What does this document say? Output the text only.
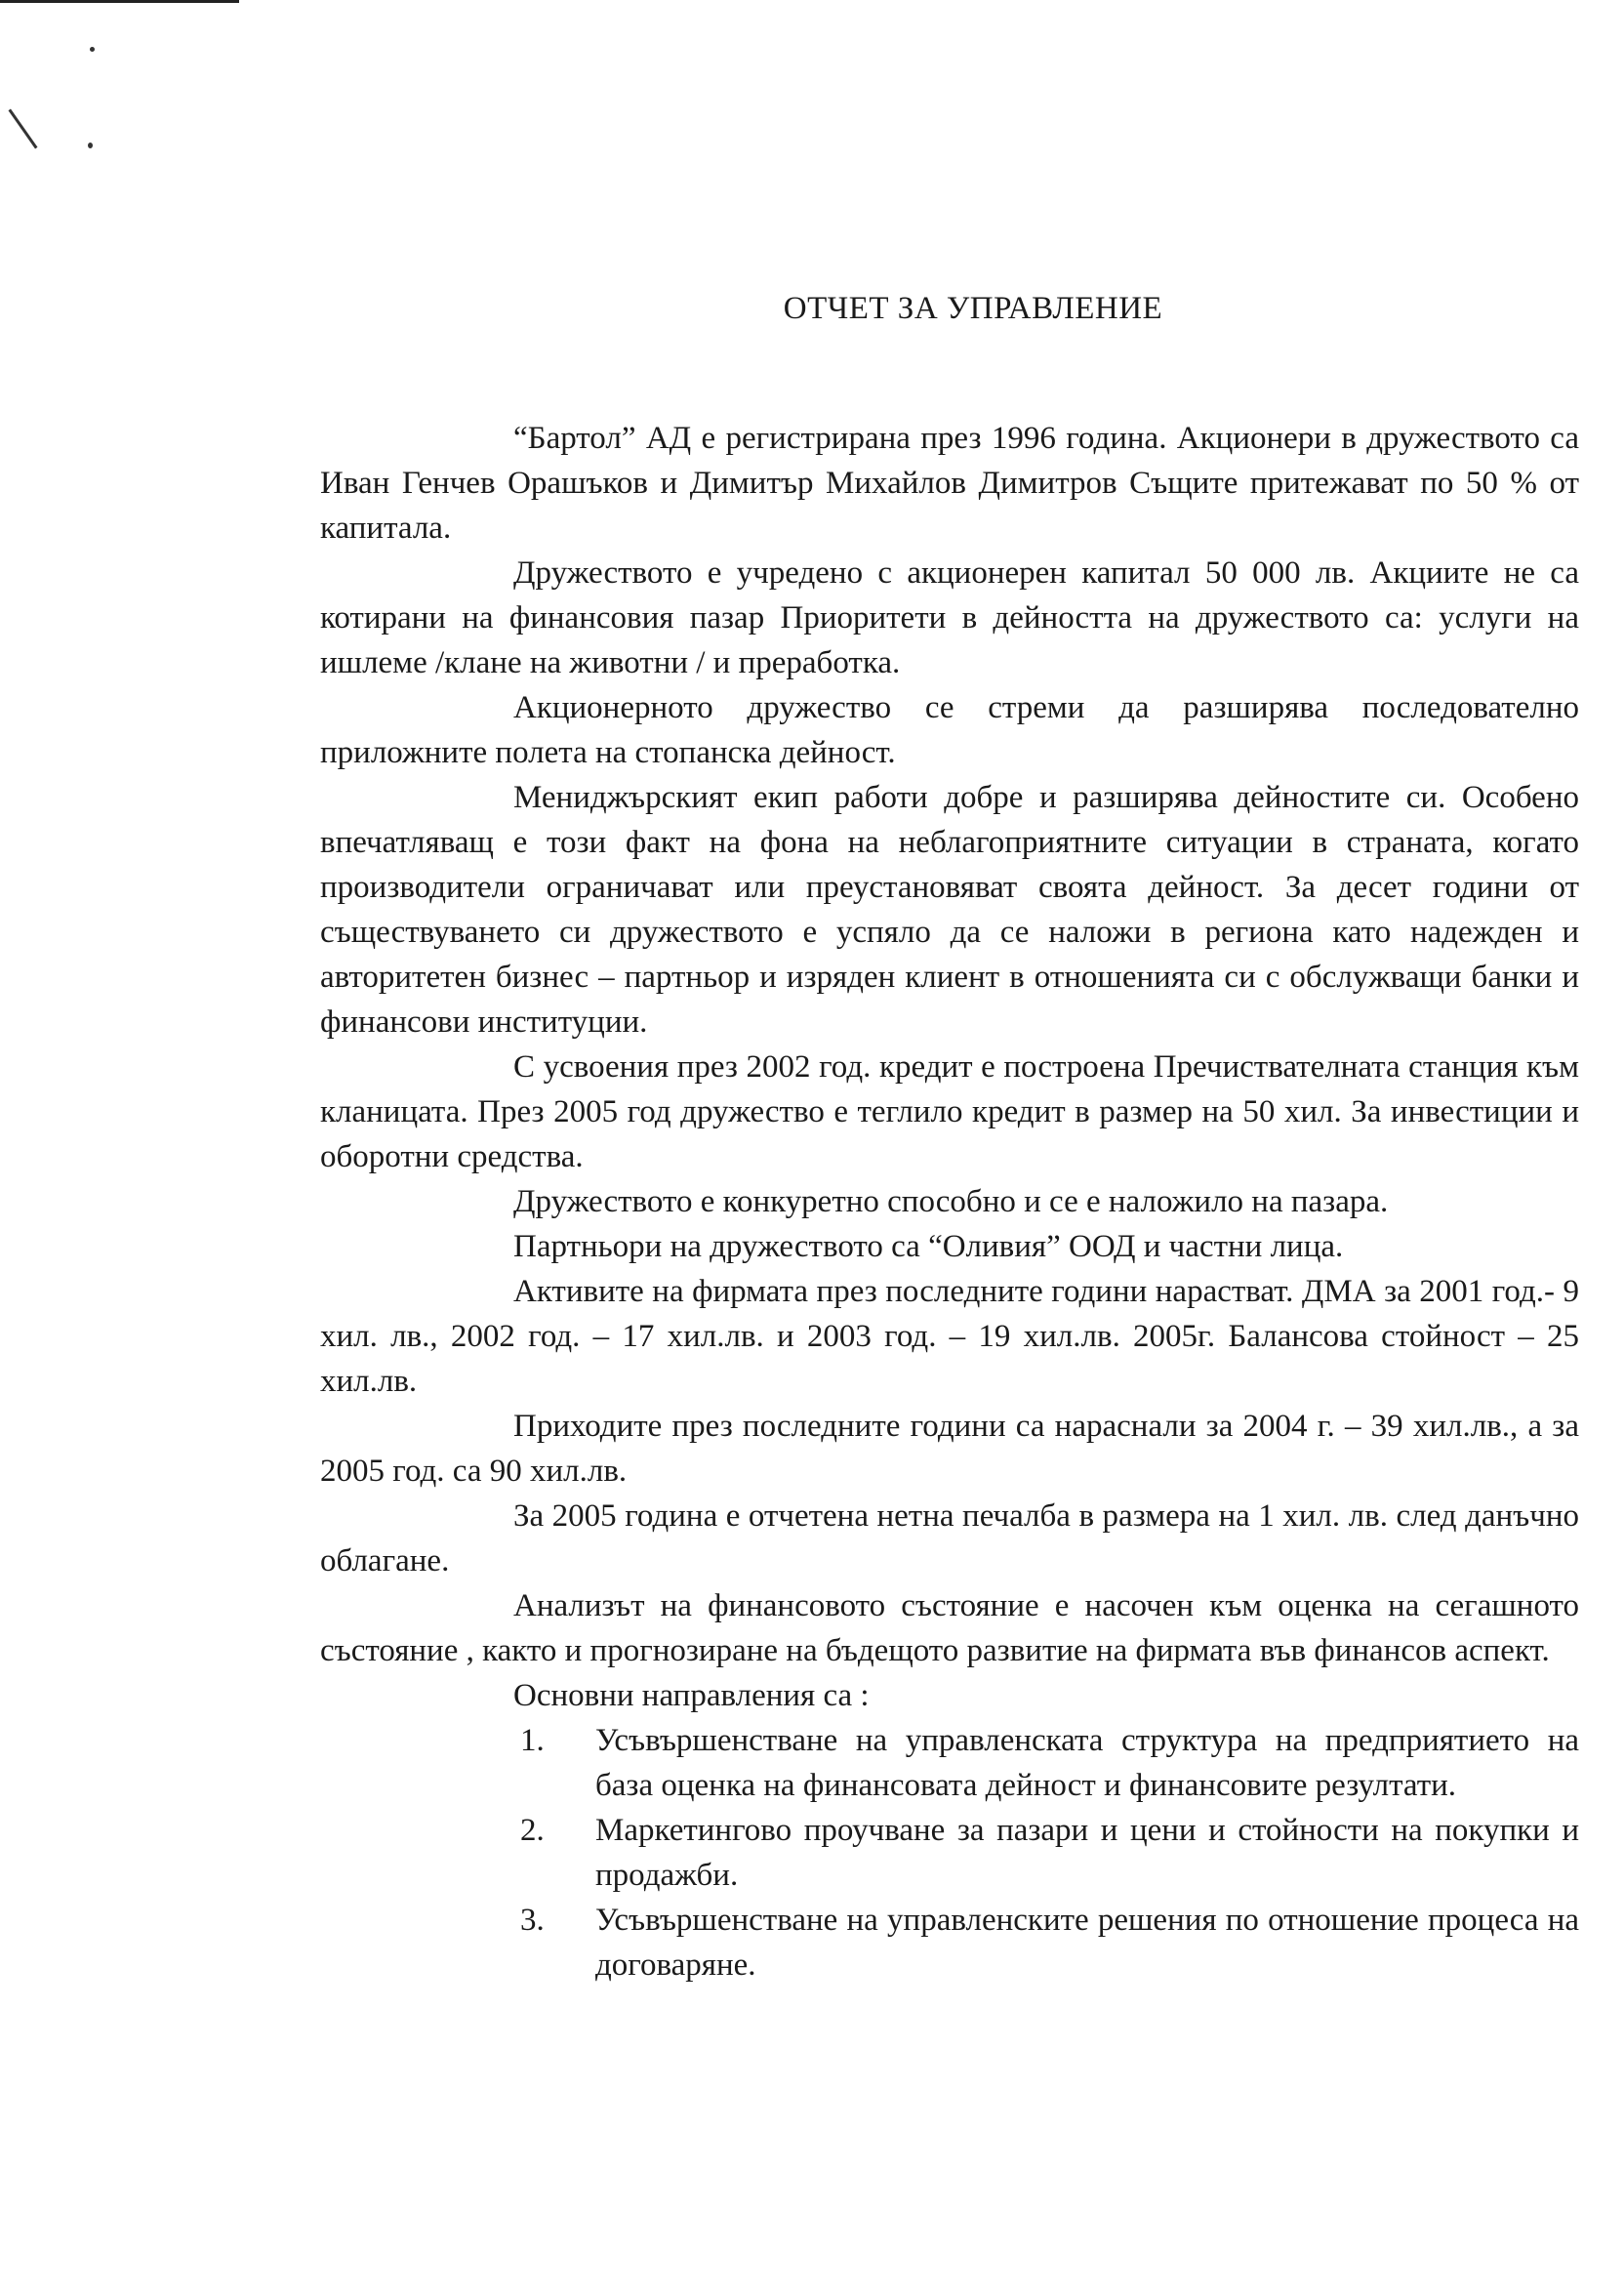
ОТЧЕТ ЗА УПРАВЛЕНИЕ

“Бартол” АД е регистрирана през 1996 година. Акционери в дружеството са Иван Генчев Орашъков и Димитър Михайлов Димитров Същите притежават по 50 % от капитала.

Дружеството е учредено с акционерен капитал 50 000 лв. Акциите не са котирани на финансовия пазар Приоритети в дейността на дружеството са: услуги на ишлеме /клане на животни / и преработка.

Акционерното дружество се стреми да разширява последователно приложните полета на стопанска дейност.

Мениджърският екип работи добре и разширява дейностите си. Особено впечатляващ е този факт на фона на неблагоприятните ситуации в страната, когато производители ограничават или преустановяват своята дейност. За десет години от съществуването си дружеството е успяло да се наложи в региона като надежден и авторитетен бизнес – партньор и изряден клиент в отношенията си с обслужващи банки и финансови институции.

С усвоения през 2002 год. кредит е построена Пречиствателната станция към кланицата. През 2005 год дружество е теглило кредит в размер на 50 хил. За инвестиции и оборотни средства.

Дружеството е конкуретно способно и се е наложило на пазара.

Партньори на дружеството са “Оливия” ООД и частни лица.

Активите на фирмата през последните години нарастват. ДМА за 2001 год.- 9 хил. лв., 2002 год. – 17 хил.лв. и 2003 год. – 19 хил.лв. 2005г. Балансова стойност – 25 хил.лв.

Приходите през последните години са нараснали за 2004 г. – 39 хил.лв., а за 2005 год. са 90 хил.лв.

За 2005 година е отчетена нетна печалба в размера на 1 хил. лв. след данъчно облагане.

Анализът на финансовото състояние е насочен към оценка на сегашното състояние , както и прогнозиране на бъдещото развитие на фирмата във финансов аспект.

Основни направления са :

1. Усъвършенстване на управленската структура на предприятието на база оценка на финансовата дейност и финансовите резултати.
2. Маркетингово проучване за пазари и цени и стойности на покупки и продажби.
3. Усъвършенстване на управленските решения по отношение процеса на договаряне.
